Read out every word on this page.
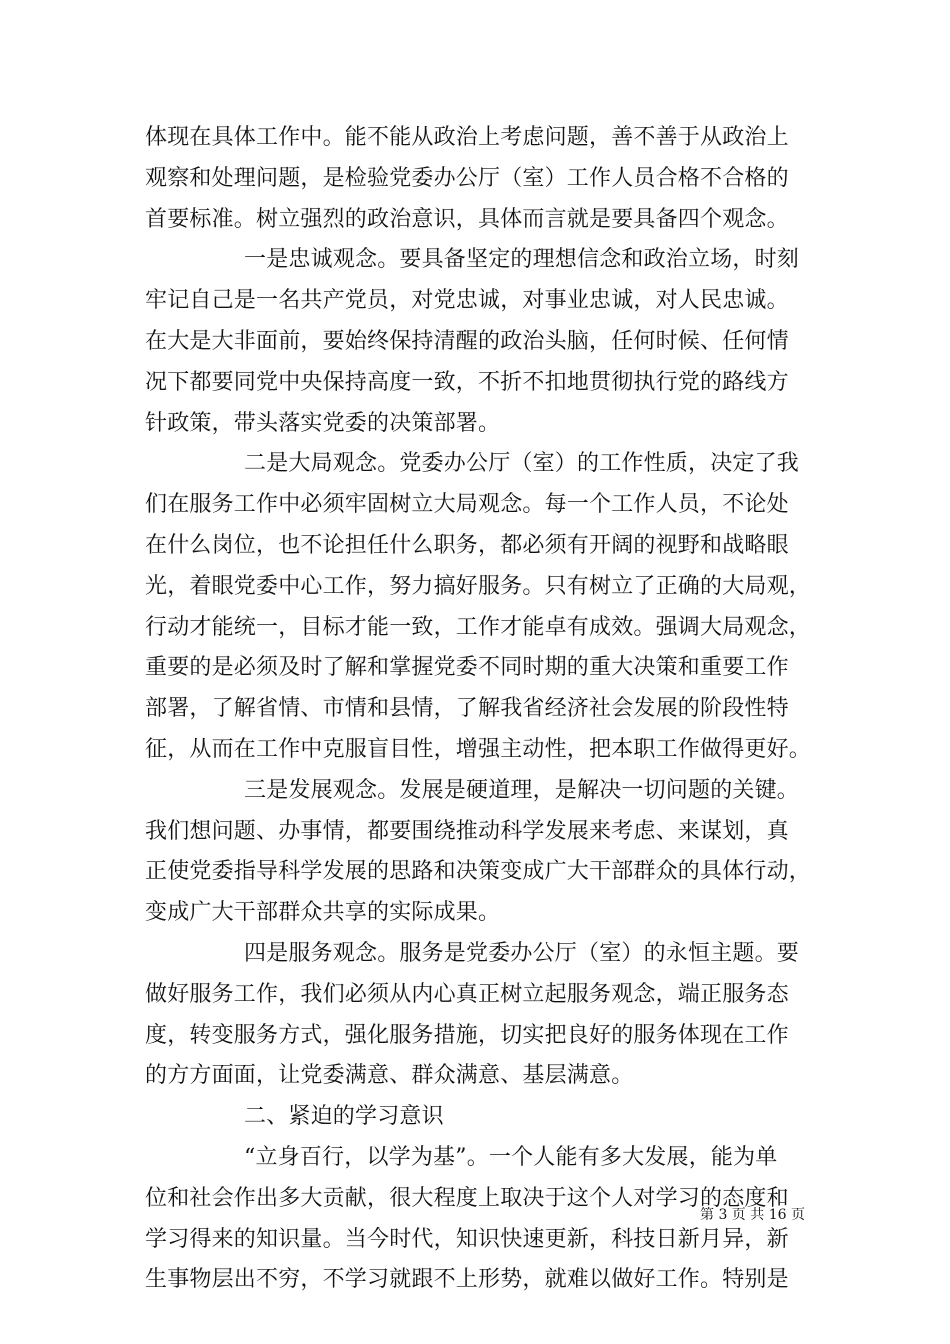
体现在具体工作中。能不能从政治上考虑问题，善不善于从政治上
观察和处理问题，是检验党委办公厅（室）工作人员合格不合格的
首要标准。树立强烈的政治意识，具体而言就是要具备四个观念。
一是忠诚观念。要具备坚定的理想信念和政治立场，时刻
牢记自己是一名共产党员，对党忠诚，对事业忠诚，对人民忠诚。
在大是大非面前，要始终保持清醒的政治头脑，任何时候、任何情
况下都要同党中央保持高度一致，不折不扣地贯彻执行党的路线方
针政策，带头落实党委的决策部署。
二是大局观念。党委办公厅（室）的工作性质，决定了我
们在服务工作中必须牢固树立大局观念。每一个工作人员，不论处
在什么岗位，也不论担任什么职务，都必须有开阔的视野和战略眼
光，着眼党委中心工作，努力搞好服务。只有树立了正确的大局观，
行动才能统一，目标才能一致，工作才能卓有成效。强调大局观念，
重要的是必须及时了解和掌握党委不同时期的重大决策和重要工作
部署，了解省情、市情和县情，了解我省经济社会发展的阶段性特
征，从而在工作中克服盲目性，增强主动性，把本职工作做得更好。
三是发展观念。发展是硬道理，是解决一切问题的关键。
我们想问题、办事情，都要围绕推动科学发展来考虑、来谋划，真
正使党委指导科学发展的思路和决策变成广大干部群众的具体行动，
变成广大干部群众共享的实际成果。
四是服务观念。服务是党委办公厅（室）的永恒主题。要
做好服务工作，我们必须从内心真正树立起服务观念，端正服务态
度，转变服务方式，强化服务措施，切实把良好的服务体现在工作
的方方面面，让党委满意、群众满意、基层满意。
二、紧迫的学习意识
“立身百行，以学为基”。一个人能有多大发展，能为单
位和社会作出多大贡献，很大程度上取决于这个人对学习的态度和
学习得来的知识量。当今时代，知识快速更新，科技日新月异，新
生事物层出不穷，不学习就跟不上形势，就难以做好工作。特别是
第 3 页 共 16 页
